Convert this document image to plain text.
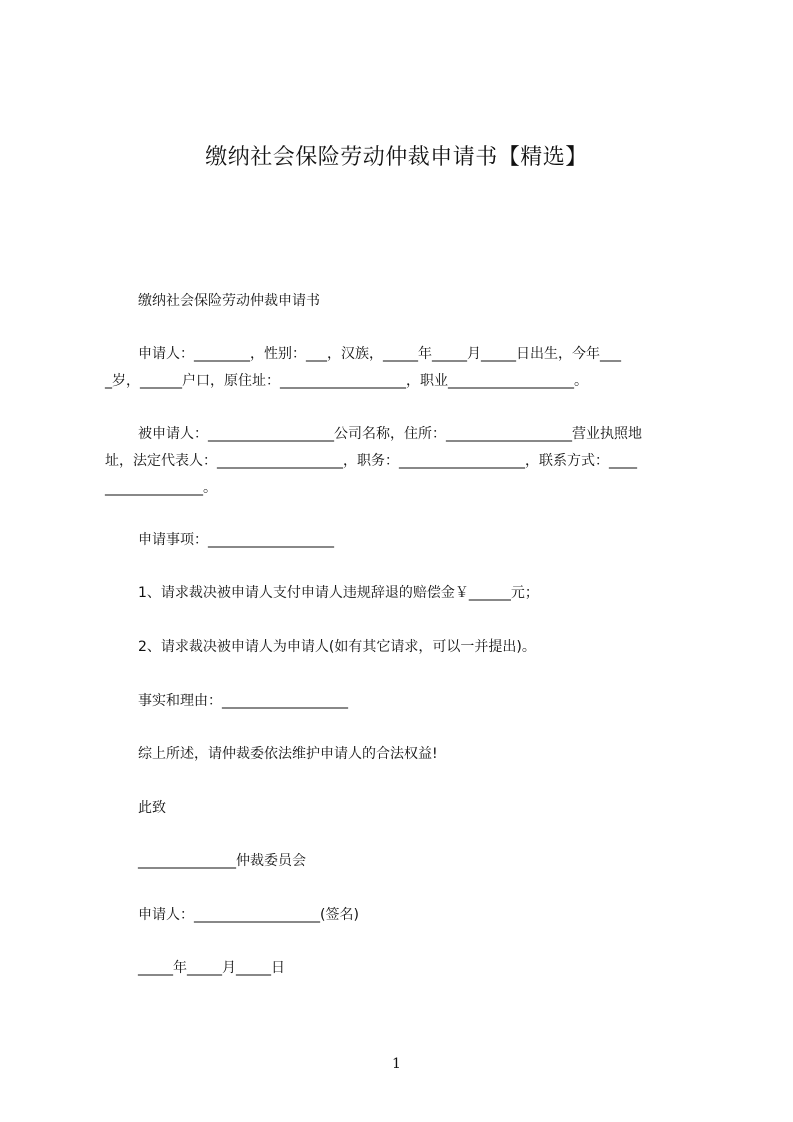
缴纳社会保险劳动仲裁申请书【精选】
缴纳社会保险劳动仲裁申请书
申请人：________，性别：___，汉族，_____年_____月_____日出生，今年___
_岁，______户口，原住址：__________________，职业__________________。
被申请人：__________________公司名称，住所：__________________营业执照地
址，法定代表人：__________________，职务：__________________，联系方式：____
______________。
申请事项：__________________
1、请求裁决被申请人支付申请人违规辞退的赔偿金￥______元；
2、请求裁决被申请人为申请人(如有其它请求，可以一并提出)。
事实和理由：__________________
综上所述，请仲裁委依法维护申请人的合法权益!
此致
______________仲裁委员会
申请人：__________________(签名)
_____年_____月_____日
1
